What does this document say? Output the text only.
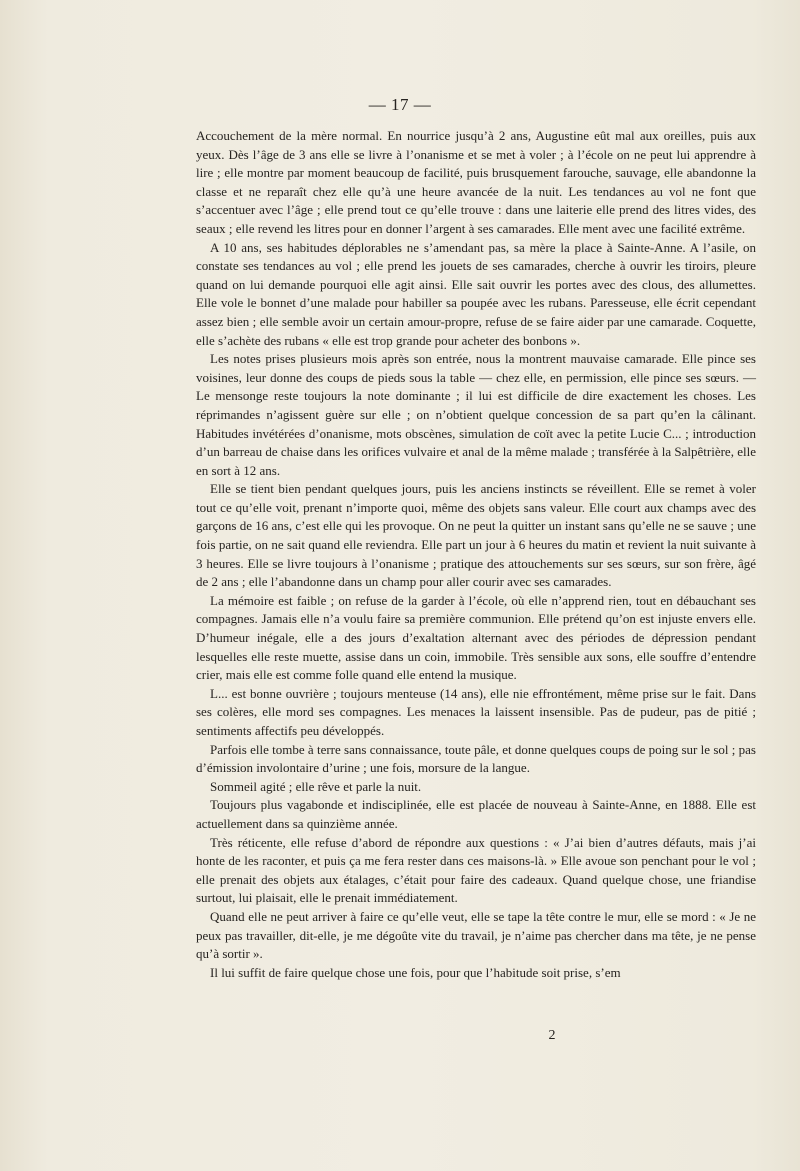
— 17 —

Accouchement de la mère normal. En nourrice jusqu’à 2 ans, Augustine eût mal aux oreilles, puis aux yeux. Dès l’âge de 3 ans elle se livre à l’onanisme et se met à voler ; à l’école on ne peut lui apprendre à lire ; elle montre par moment beaucoup de facilité, puis brusquement farouche, sauvage, elle abandonne la classe et ne reparaît chez elle qu’à une heure avancée de la nuit. Les tendances au vol ne font que s’accentuer avec l’âge ; elle prend tout ce qu’elle trouve : dans une laiterie elle prend des litres vides, des seaux ; elle revend les litres pour en donner l’argent à ses camarades. Elle ment avec une facilité extrême.

A 10 ans, ses habitudes déplorables ne s’amendant pas, sa mère la place à Sainte-Anne. A l’asile, on constate ses tendances au vol ; elle prend les jouets de ses camarades, cherche à ouvrir les tiroirs, pleure quand on lui demande pourquoi elle agit ainsi. Elle sait ouvrir les portes avec des clous, des allumettes. Elle vole le bonnet d’une malade pour habiller sa poupée avec les rubans. Paresseuse, elle écrit cependant assez bien ; elle semble avoir un certain amour-propre, refuse de se faire aider par une camarade. Coquette, elle s’achète des rubans « elle est trop grande pour acheter des bonbons ».

Les notes prises plusieurs mois après son entrée, nous la montrent mauvaise camarade. Elle pince ses voisines, leur donne des coups de pieds sous la table — chez elle, en permission, elle pince ses sœurs. — Le mensonge reste toujours la note dominante ; il lui est difficile de dire exactement les choses. Les réprimandes n’agissent guère sur elle ; on n’obtient quelque concession de sa part qu’en la câlinant. Habitudes invétérées d’onanisme, mots obscènes, simulation de coït avec la petite Lucie C... ; introduction d’un barreau de chaise dans les orifices vulvaire et anal de la même malade ; transférée à la Salpêtrière, elle en sort à 12 ans.

Elle se tient bien pendant quelques jours, puis les anciens instincts se réveillent. Elle se remet à voler tout ce qu’elle voit, prenant n’importe quoi, même des objets sans valeur. Elle court aux champs avec des garçons de 16 ans, c’est elle qui les provoque. On ne peut la quitter un instant sans qu’elle ne se sauve ; une fois partie, on ne sait quand elle reviendra. Elle part un jour à 6 heures du matin et revient la nuit suivante à 3 heures. Elle se livre toujours à l’onanisme ; pratique des attouchements sur ses sœurs, sur son frère, âgé de 2 ans ; elle l’abandonne dans un champ pour aller courir avec ses camarades.

La mémoire est faible ; on refuse de la garder à l’école, où elle n’apprend rien, tout en débauchant ses compagnes. Jamais elle n’a voulu faire sa première communion. Elle prétend qu’on est injuste envers elle. D’humeur inégale, elle a des jours d’exaltation alternant avec des périodes de dépression pendant lesquelles elle reste muette, assise dans un coin, immobile. Très sensible aux sons, elle souffre d’entendre crier, mais elle est comme folle quand elle entend la musique.

L... est bonne ouvrière ; toujours menteuse (14 ans), elle nie effrontément, même prise sur le fait. Dans ses colères, elle mord ses compagnes. Les menaces la laissent insensible. Pas de pudeur, pas de pitié ; sentiments affectifs peu développés.

Parfois elle tombe à terre sans connaissance, toute pâle, et donne quelques coups de poing sur le sol ; pas d’émission involontaire d’urine ; une fois, morsure de la langue.

Sommeil agité ; elle rêve et parle la nuit.

Toujours plus vagabonde et indisciplinée, elle est placée de nouveau à Sainte-Anne, en 1888. Elle est actuellement dans sa quinzième année.

Très réticente, elle refuse d’abord de répondre aux questions : « J’ai bien d’autres défauts, mais j’ai honte de les raconter, et puis ça me fera rester dans ces maisons-là. » Elle avoue son penchant pour le vol ; elle prenait des objets aux étalages, c’était pour faire des cadeaux. Quand quelque chose, une friandise surtout, lui plaisait, elle le prenait immédiatement.

Quand elle ne peut arriver à faire ce qu’elle veut, elle se tape la tête contre le mur, elle se mord : « Je ne peux pas travailler, dit-elle, je me dégoûte vite du travail, je n’aime pas chercher dans ma tête, je ne pense qu’à sortir ».

Il lui suffit de faire quelque chose une fois, pour que l’habitude soit prise, s’em

2
